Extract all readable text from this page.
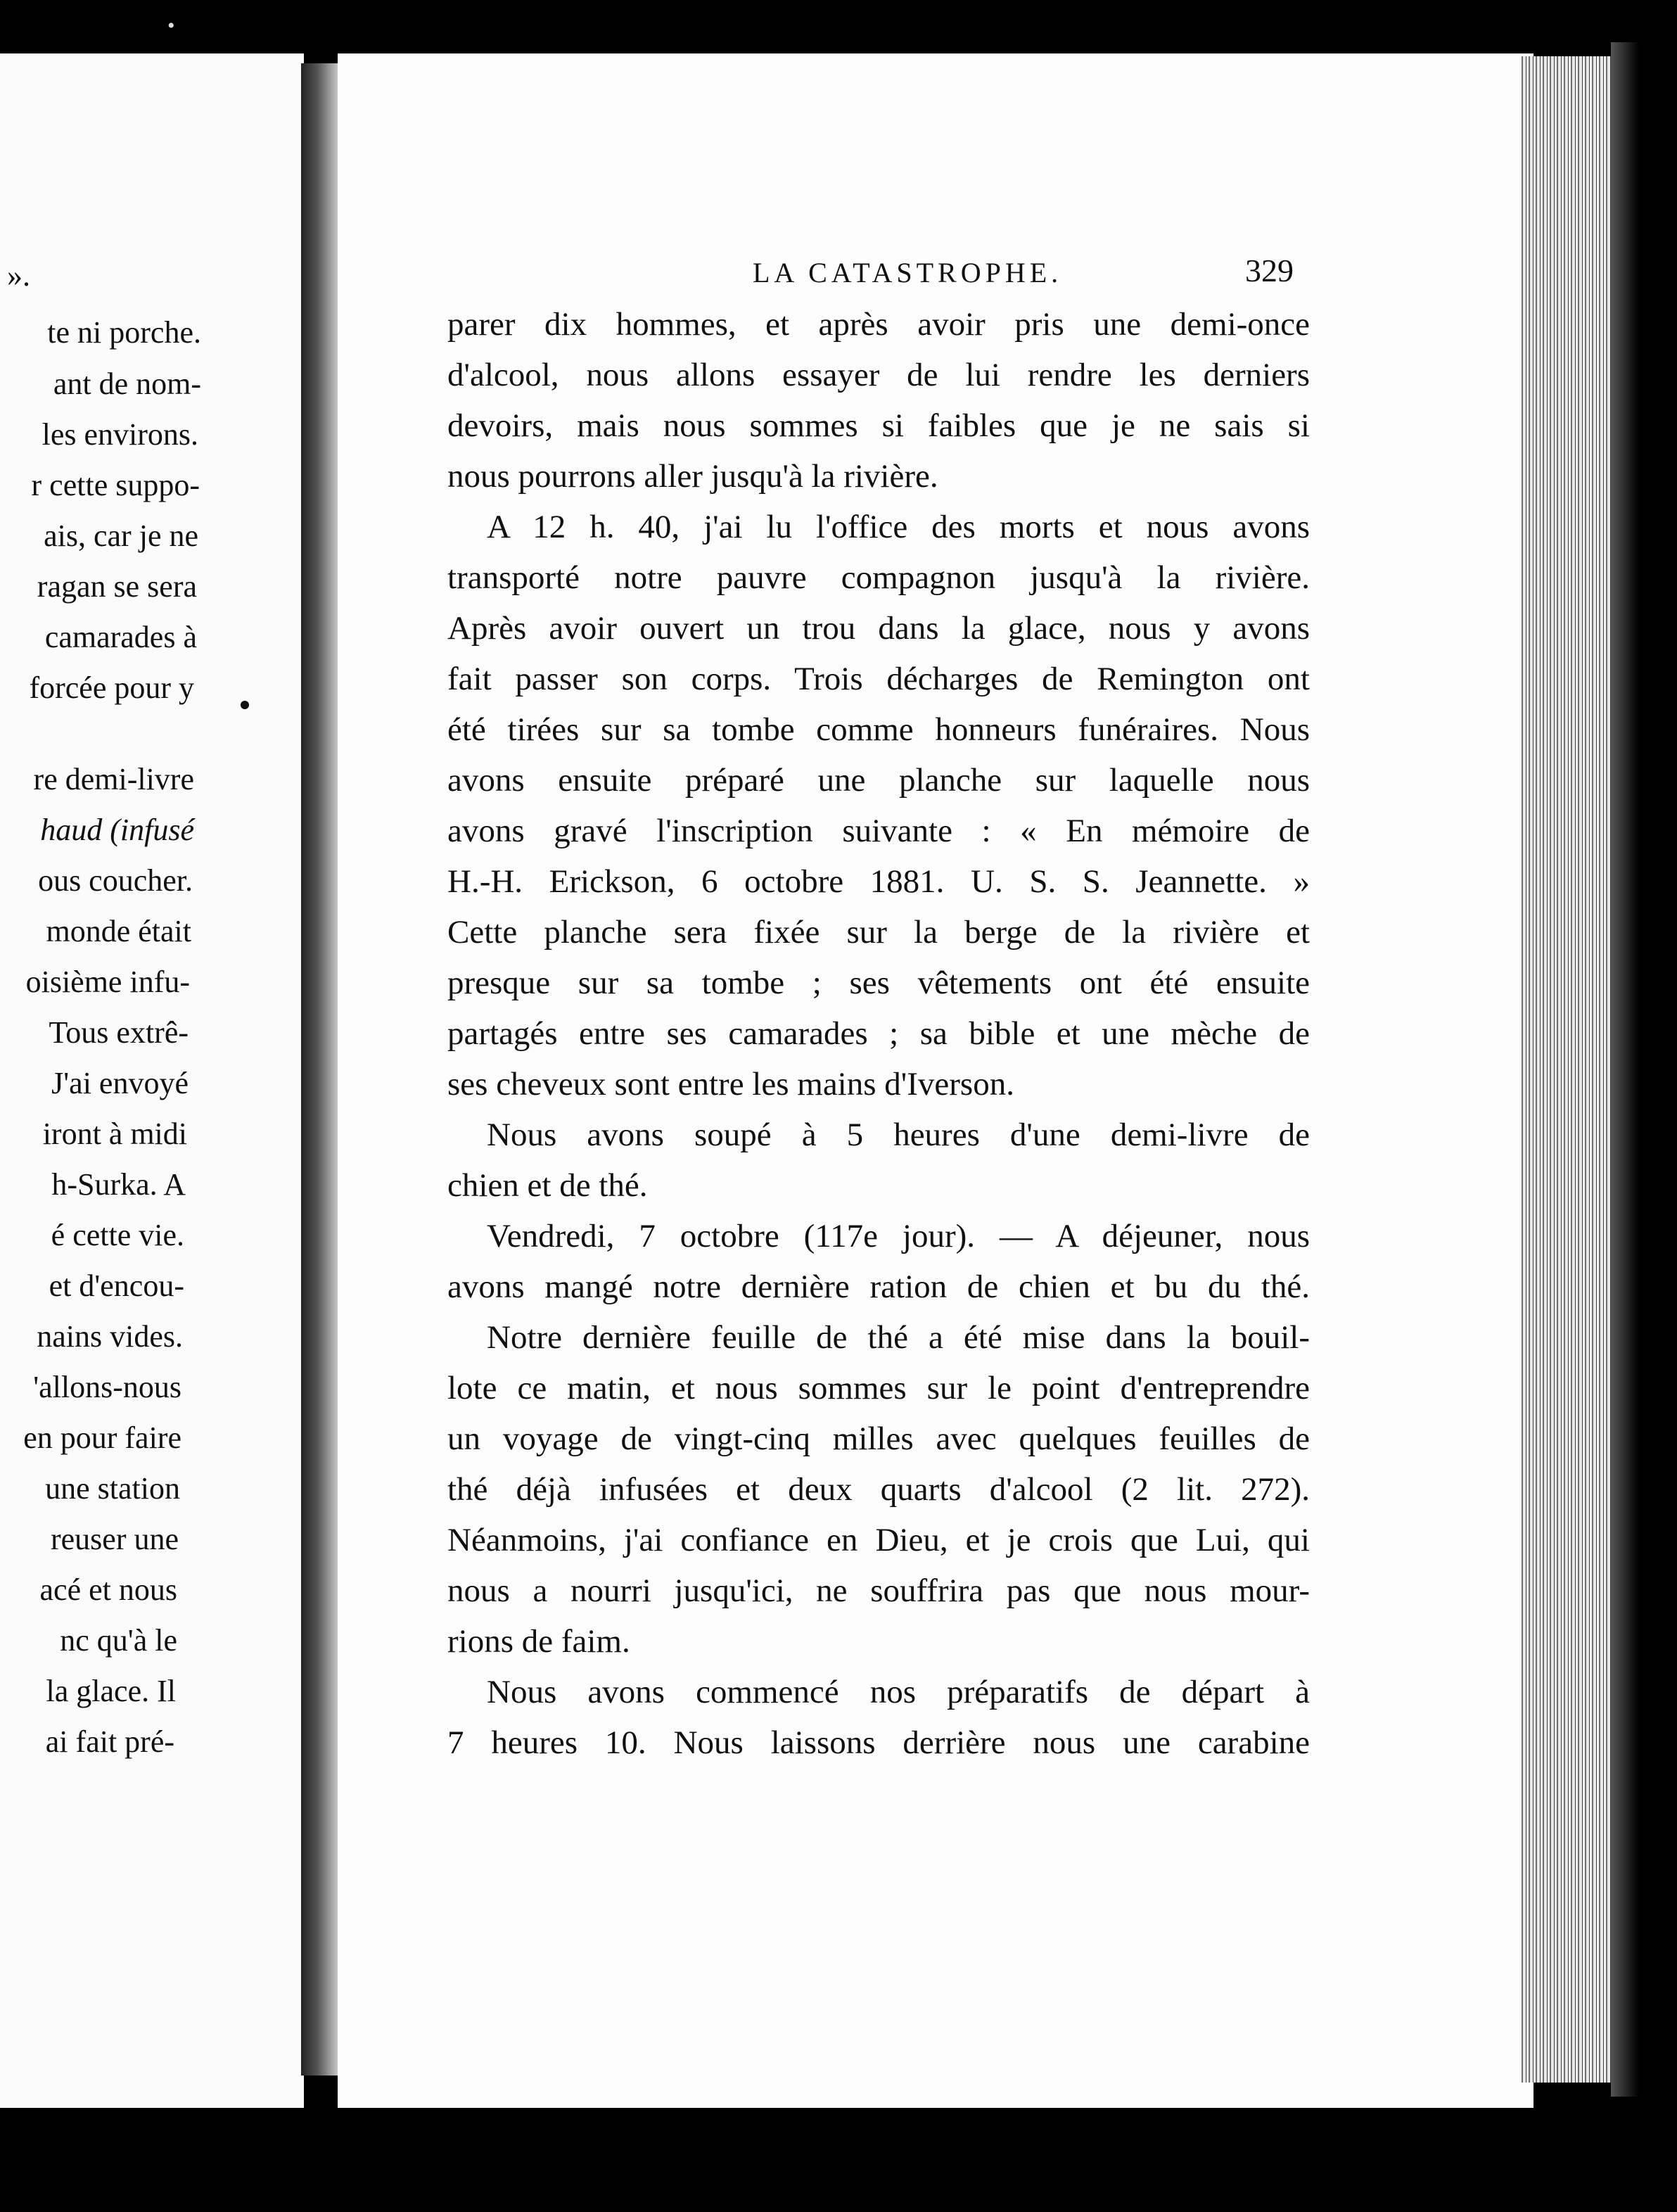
•
».
te ni porche.
ant de nom-
les environs.
r cette suppo-
ais, car je ne
ragan se sera
camarades à
forcée pour y
re demi-livre
haud (infusé
ous coucher.
monde était
oisième infu-
Tous extrê-
J'ai envoyé
iront à midi
h-Surka. A
é cette vie.
et d'encou-
nains vides.
'allons-nous
en pour faire
une station
reuser une
acé et nous
nc qu'à le
la glace. Il
ai fait pré-
LA CATASTROPHE.	329
parer dix hommes, et après avoir pris une demi-once
d'alcool, nous allons essayer de lui rendre les derniers
devoirs, mais nous sommes si faibles que je ne sais si
nous pourrons aller jusqu'à la rivière.
A 12 h. 40, j'ai lu l'office des morts et nous avons
transporté notre pauvre compagnon jusqu'à la rivière.
Après avoir ouvert un trou dans la glace, nous y avons
fait passer son corps. Trois décharges de Remington ont
été tirées sur sa tombe comme honneurs funéraires. Nous
avons ensuite préparé une planche sur laquelle nous
avons gravé l'inscription suivante : « En mémoire de
H.-H. Erickson, 6 octobre 1881. U. S. S. Jeannette. »
Cette planche sera fixée sur la berge de la rivière et
presque sur sa tombe ; ses vêtements ont été ensuite
partagés entre ses camarades ; sa bible et une mèche de
ses cheveux sont entre les mains d'Iverson.
Nous avons soupé à 5 heures d'une demi-livre de
chien et de thé.
Vendredi, 7 octobre (117e jour). — A déjeuner, nous
avons mangé notre dernière ration de chien et bu du thé.
Notre dernière feuille de thé a été mise dans la bouil-
lote ce matin, et nous sommes sur le point d'entreprendre
un voyage de vingt-cinq milles avec quelques feuilles de
thé déjà infusées et deux quarts d'alcool (2 lit. 272).
Néanmoins, j'ai confiance en Dieu, et je crois que Lui, qui
nous a nourri jusqu'ici, ne souffrira pas que nous mour-
rions de faim.
Nous avons commencé nos préparatifs de départ à
7 heures 10. Nous laissons derrière nous une carabine
